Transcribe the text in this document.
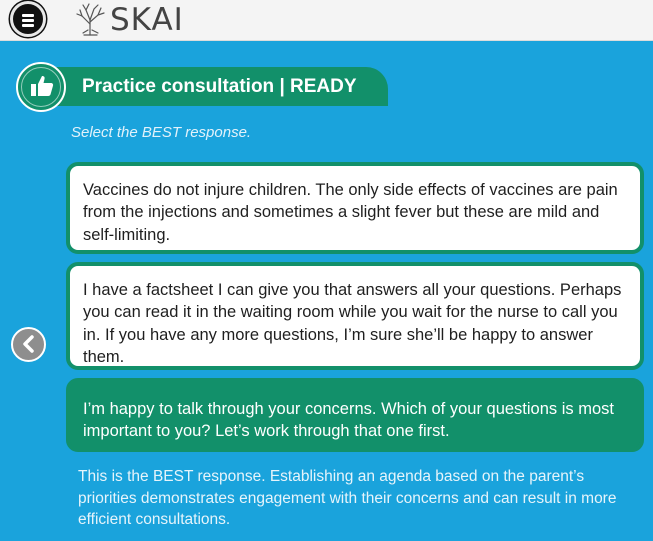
SKAI
Practice consultation | READY
Select the BEST response.
Vaccines do not injure children. The only side effects of vaccines are pain from the injections and sometimes a slight fever but these are mild and self-limiting.
I have a factsheet I can give you that answers all your questions. Perhaps you can read it in the waiting room while you wait for the nurse to call you in. If you have any more questions, I’m sure she’ll be happy to answer them.
I’m happy to talk through your concerns. Which of your questions is most important to you? Let’s work through that one first.
This is the BEST response. Establishing an agenda based on the parent’s priorities demonstrates engagement with their concerns and can result in more efficient consultations.
